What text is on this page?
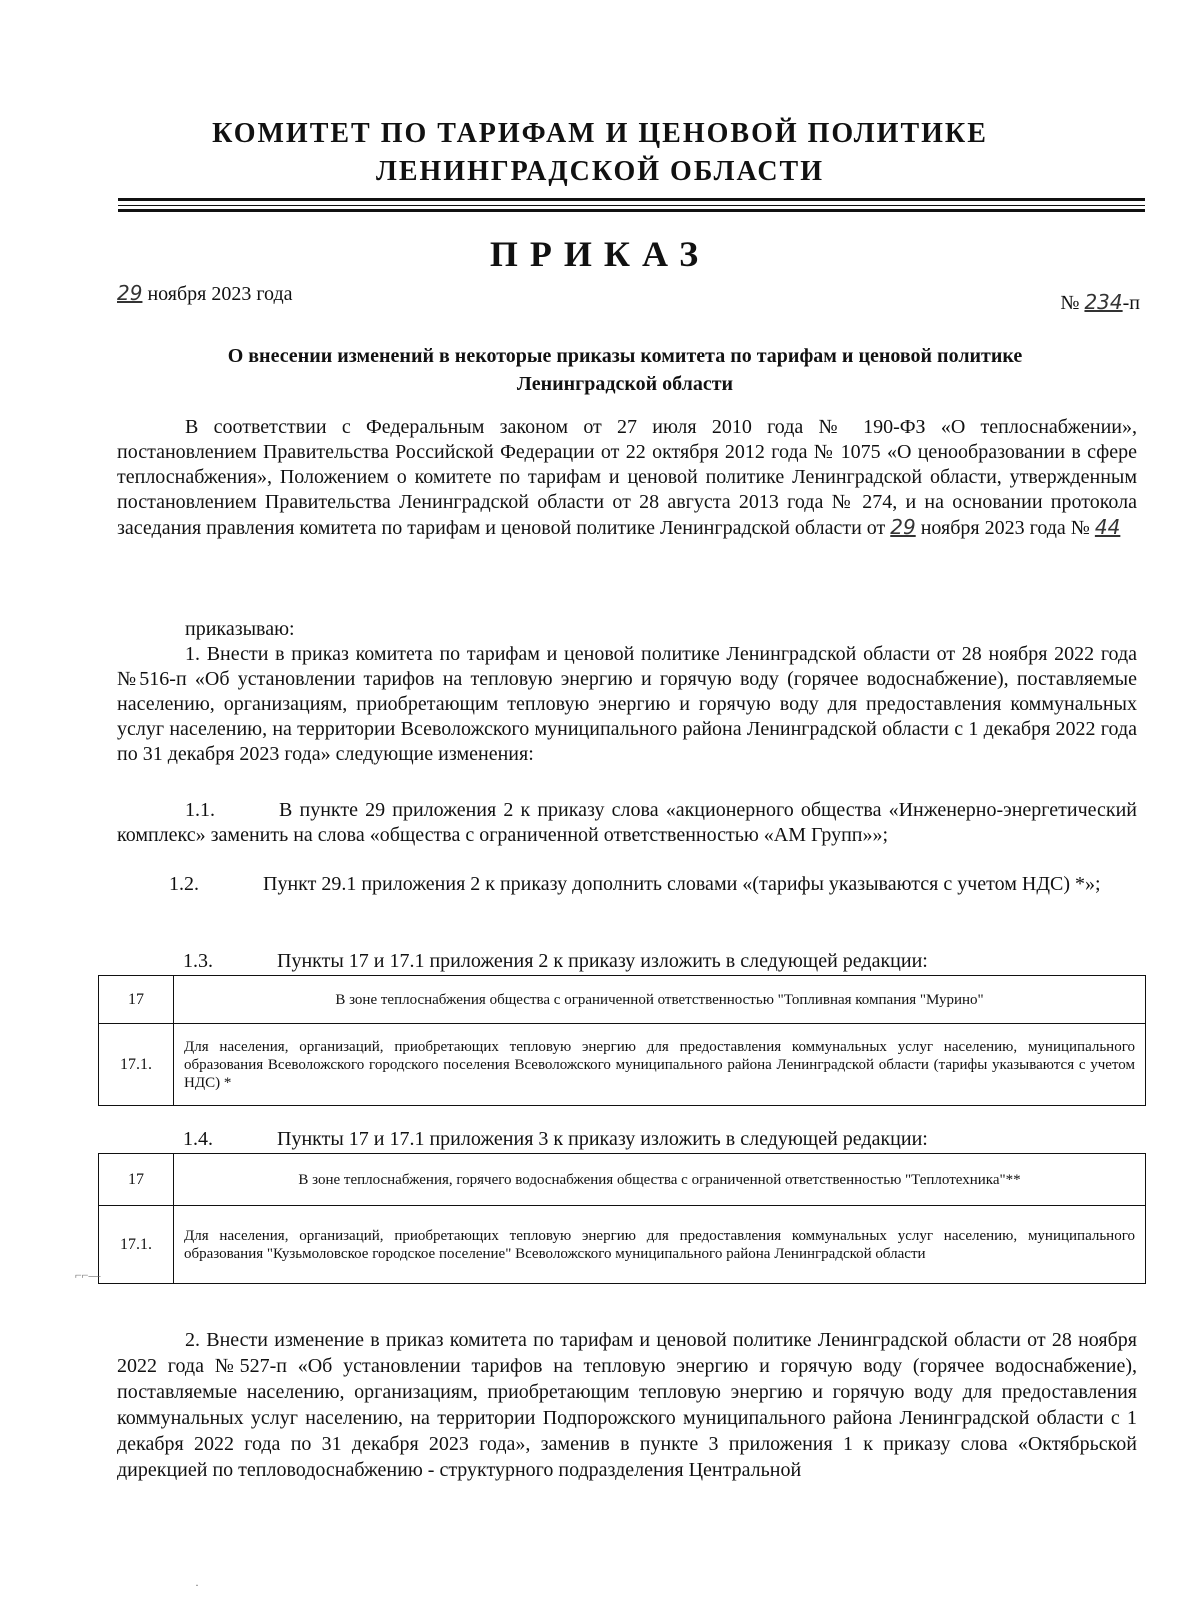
КОМИТЕТ ПО ТАРИФАМ И ЦЕНОВОЙ ПОЛИТИКЕ
ЛЕНИНГРАДСКОЙ ОБЛАСТИ
ПРИКАЗ
29 ноября 2023 года	№ 234-п
О внесении изменений в некоторые приказы комитета по тарифам и ценовой политике
Ленинградской области
В соответствии с Федеральным законом от 27 июля 2010 года № 190-ФЗ «О теплоснабжении», постановлением Правительства Российской Федерации от 22 октября 2012 года № 1075 «О ценообразовании в сфере теплоснабжения», Положением о комитете по тарифам и ценовой политике Ленинградской области, утвержденным постановлением Правительства Ленинградской области от 28 августа 2013 года № 274, и на основании протокола заседания правления комитета по тарифам и ценовой политике Ленинградской области от 29 ноября 2023 года № 44
приказываю:
1. Внести в приказ комитета по тарифам и ценовой политике Ленинградской области от 28 ноября 2022 года №516-п «Об установлении тарифов на тепловую энергию и горячую воду (горячее водоснабжение), поставляемые населению, организациям, приобретающим тепловую энергию и горячую воду для предоставления коммунальных услуг населению, на территории Всеволожского муниципального района Ленинградской области с 1 декабря 2022 года по 31 декабря 2023 года» следующие изменения:
1.1.	В пункте 29 приложения 2 к приказу слова «акционерного общества «Инженерно-энергетический комплекс» заменить на слова «общества с ограниченной ответственностью «АМ Групп»»;
1.2.	Пункт 29.1 приложения 2 к приказу дополнить словами «(тарифы указываются с учетом НДС) *»;
1.3.	Пункты 17 и 17.1 приложения 2 к приказу изложить в следующей редакции:
17	В зоне теплоснабжения общества с ограниченной ответственностью "Топливная компания "Мурино"
17.1.	Для населения, организаций, приобретающих тепловую энергию для предоставления коммунальных услуг населению, муниципального образования Всеволожского городского поселения Всеволожского муниципального района Ленинградской области (тарифы указываются с учетом НДС) *
1.4.	Пункты 17 и 17.1 приложения 3 к приказу изложить в следующей редакции:
17	В зоне теплоснабжения, горячего водоснабжения общества с ограниченной ответственностью "Теплотехника"**
17.1.	Для населения, организаций, приобретающих тепловую энергию для предоставления коммунальных услуг населению, муниципального образования "Кузьмоловское городское поселение" Всеволожского муниципального района Ленинградской области
2. Внести изменение в приказ комитета по тарифам и ценовой политике Ленинградской области от 28 ноября 2022 года №527-п «Об установлении тарифов на тепловую энергию и горячую воду (горячее водоснабжение), поставляемые населению, организациям, приобретающим тепловую энергию и горячую воду для предоставления коммунальных услуг населению, на территории Подпорожского муниципального района Ленинградской области с 1 декабря 2022 года по 31 декабря 2023 года», заменив в пункте 3 приложения 1 к приказу слова «Октябрьской дирекцией по тепловодоснабжению - структурного подразделения Центральной
⌐⌐—
·
